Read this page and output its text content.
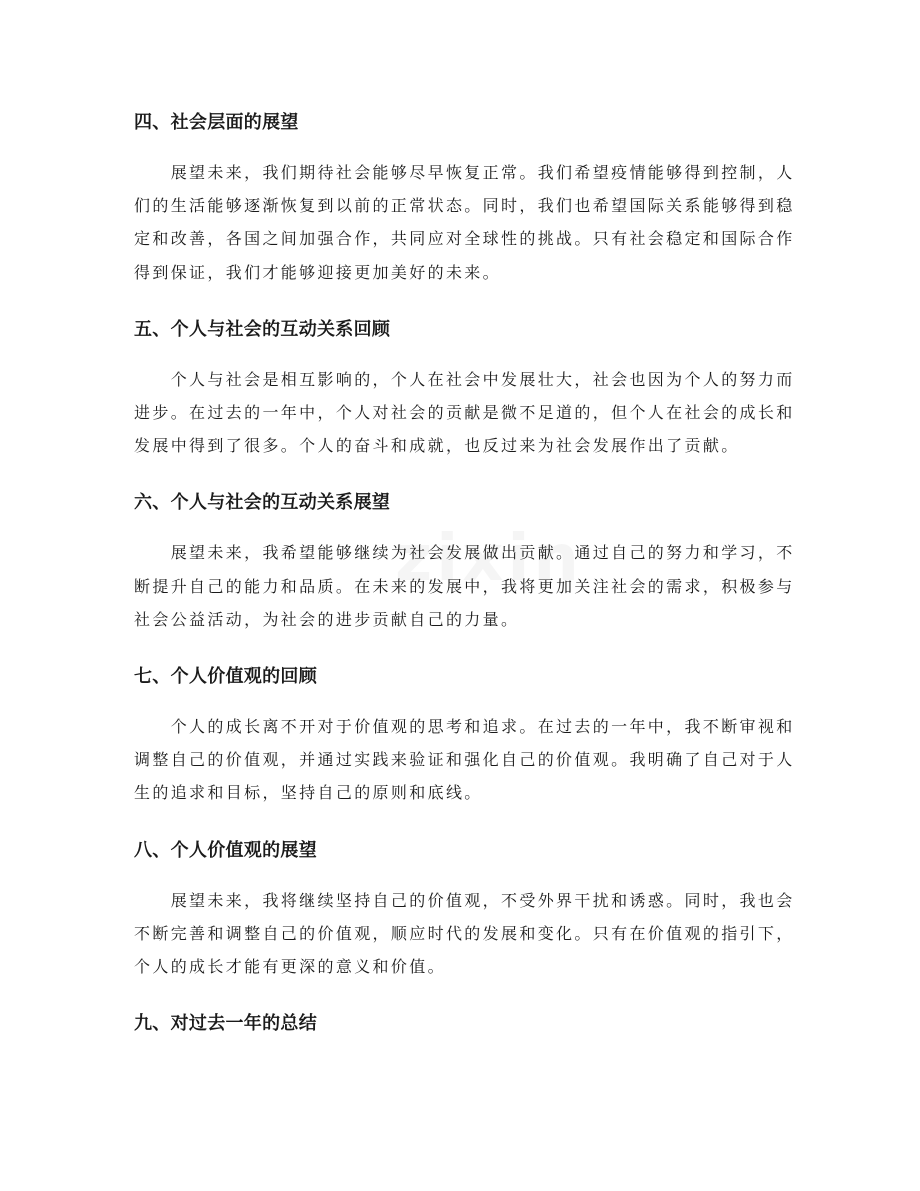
四、社会层面的展望

　　展望未来，我们期待社会能够尽早恢复正常。我们希望疫情能够得到控制，人
们的生活能够逐渐恢复到以前的正常状态。同时，我们也希望国际关系能够得到稳
定和改善，各国之间加强合作，共同应对全球性的挑战。只有社会稳定和国际合作
得到保证，我们才能够迎接更加美好的未来。

五、个人与社会的互动关系回顾

　　个人与社会是相互影响的，个人在社会中发展壮大，社会也因为个人的努力而
进步。在过去的一年中，个人对社会的贡献是微不足道的，但个人在社会的成长和
发展中得到了很多。个人的奋斗和成就，也反过来为社会发展作出了贡献。

六、个人与社会的互动关系展望

　　展望未来，我希望能够继续为社会发展做出贡献。通过自己的努力和学习，不
断提升自己的能力和品质。在未来的发展中，我将更加关注社会的需求，积极参与
社会公益活动，为社会的进步贡献自己的力量。

七、个人价值观的回顾

　　个人的成长离不开对于价值观的思考和追求。在过去的一年中，我不断审视和
调整自己的价值观，并通过实践来验证和强化自己的价值观。我明确了自己对于人
生的追求和目标，坚持自己的原则和底线。

八、个人价值观的展望

　　展望未来，我将继续坚持自己的价值观，不受外界干扰和诱惑。同时，我也会
不断完善和调整自己的价值观，顺应时代的发展和变化。只有在价值观的指引下，
个人的成长才能有更深的意义和价值。

九、对过去一年的总结
